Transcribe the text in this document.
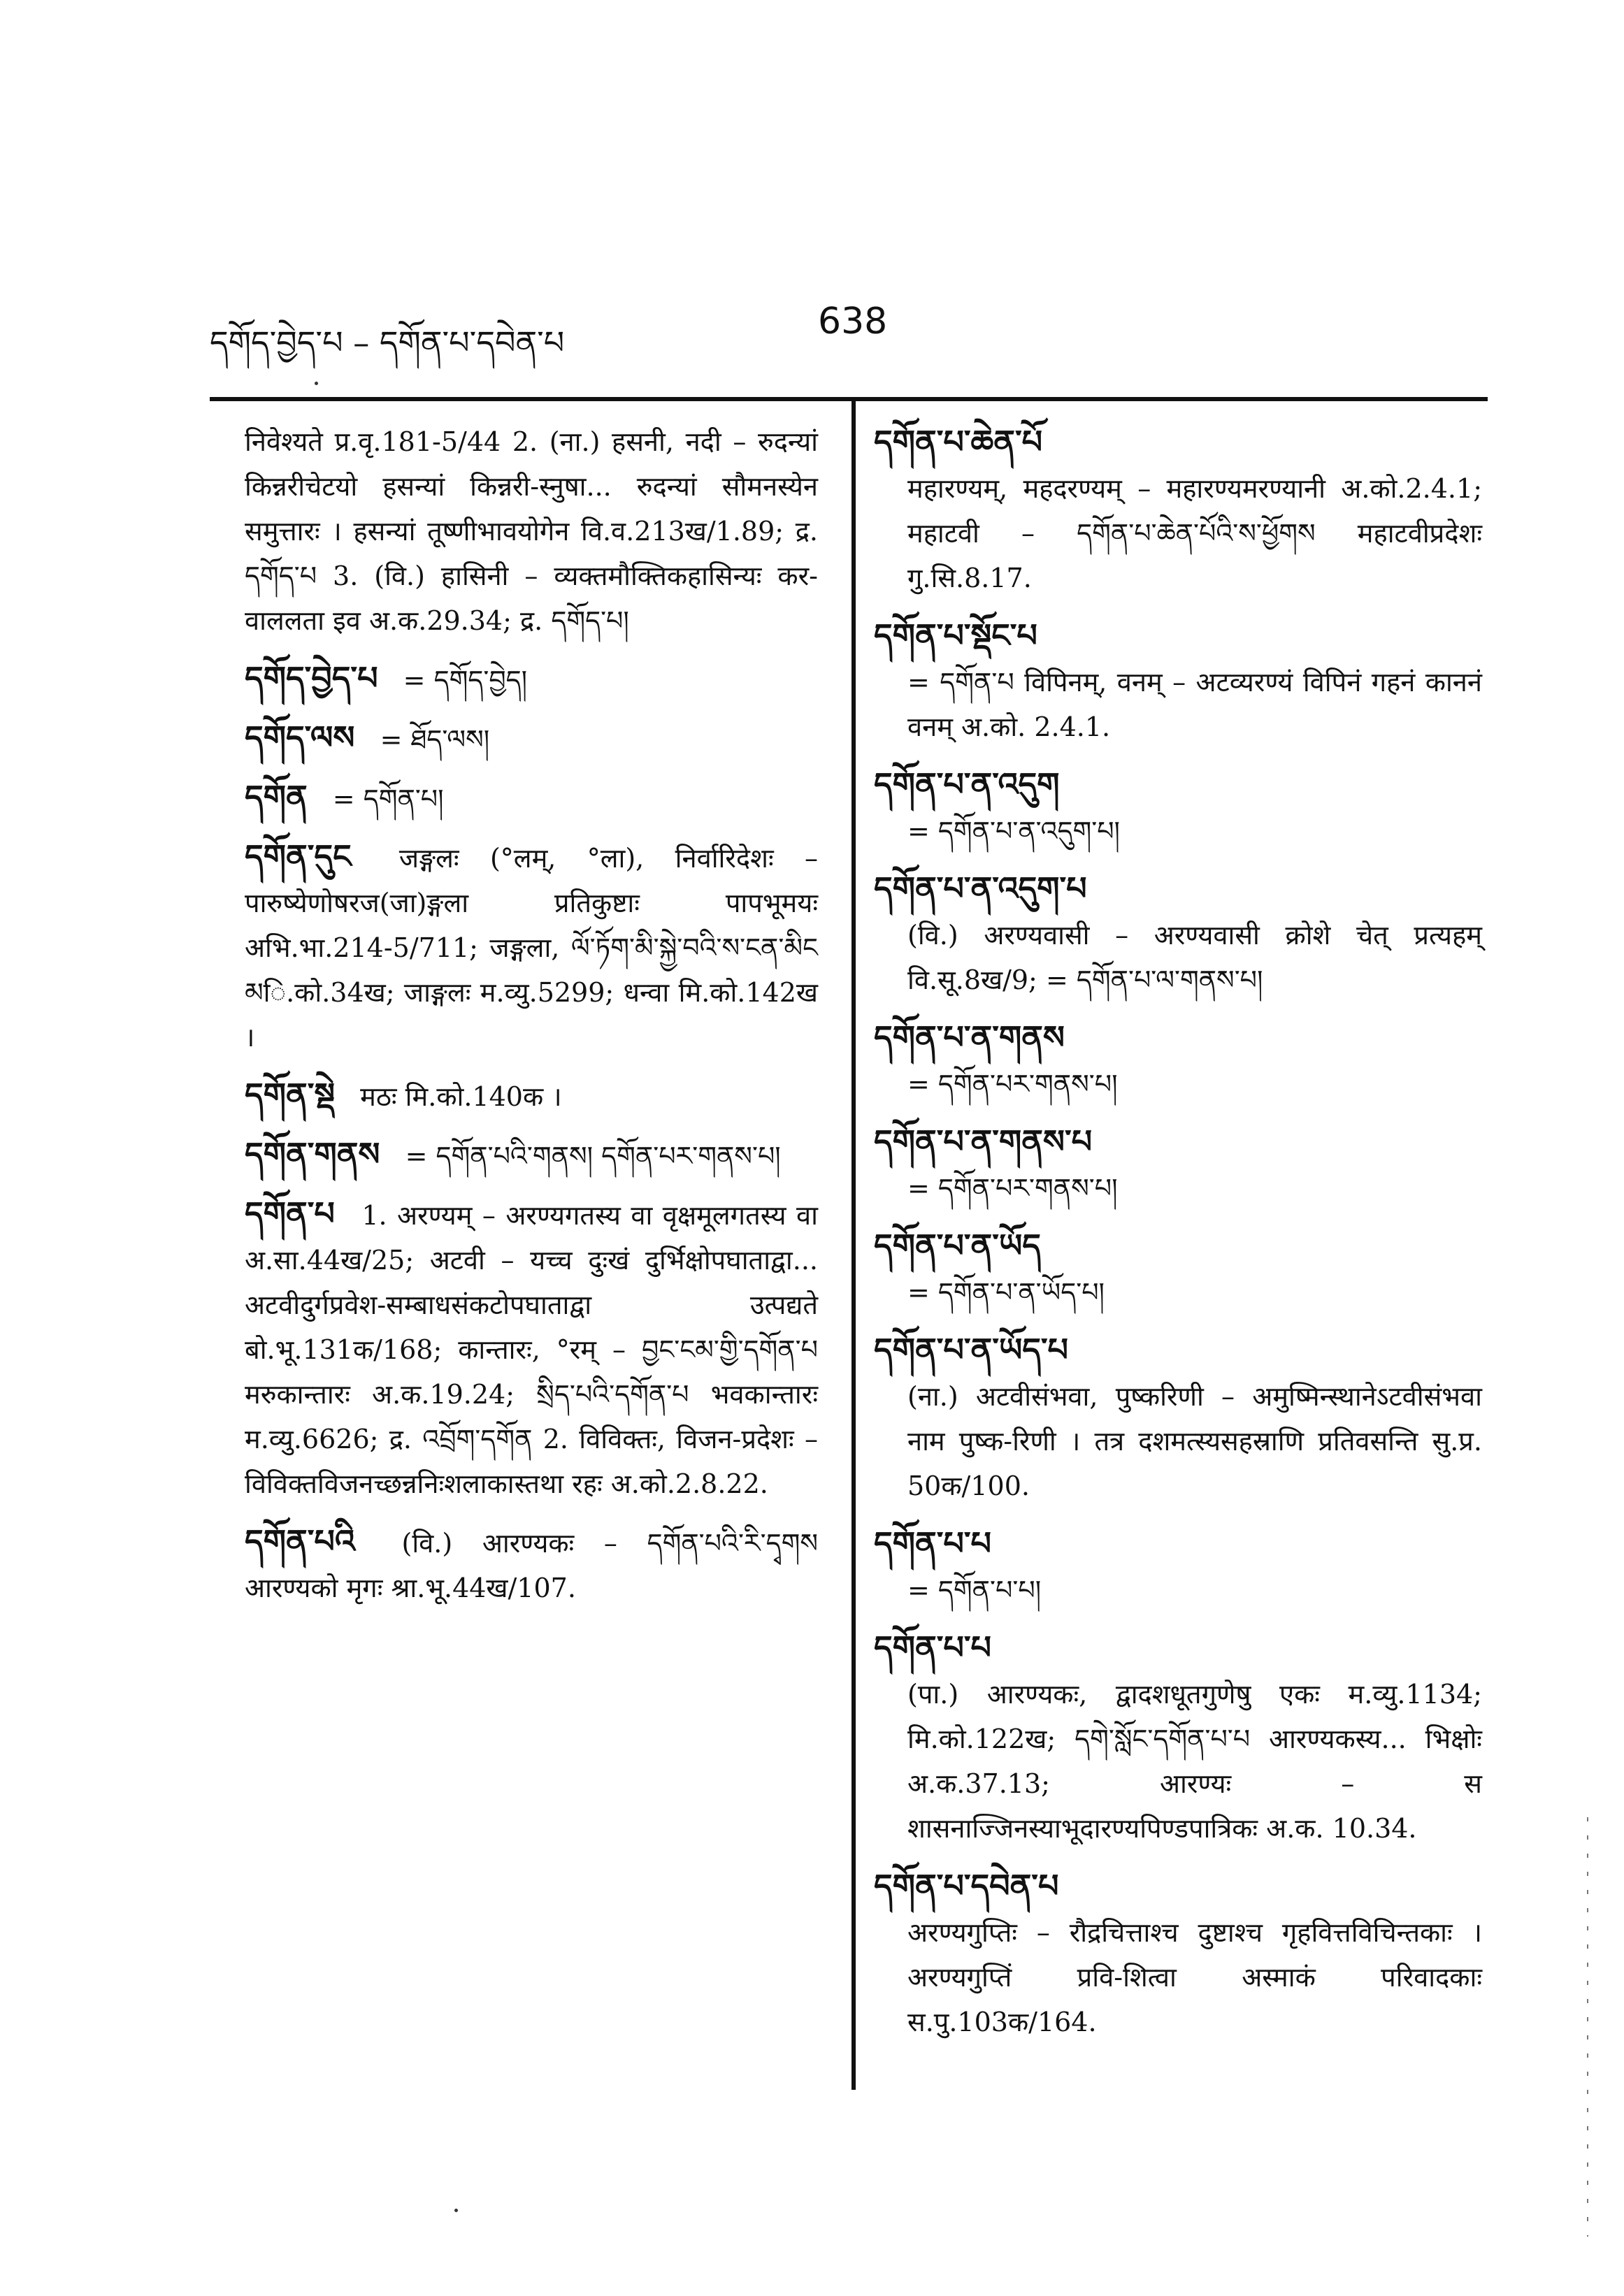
དགོད་བྱེད་པ – དགོན་པ་དབེན་པ	638
निवेश्यते प्र.वृ.181-5/44 2. (ना.) हसनी, नदी – रुदन्यां किन्नरीचेटयो हसन्यां किन्नरी-स्नुषा... रुदन्यां सौमनस्येन समुत्तारः । हसन्यां तूष्णीभावयोगेन वि.व.213ख/1.89; द्र. དགོད་པ 3. (वि.) हासिनी – व्यक्तमौक्तिकहासिन्यः कर-वाललता इव अ.क.29.34; द्र. དགོད་པ།
དགོད་བྱེད་པ = དགོད་བྱེད།
དགོད་ལས = ཐོད་ལས།
དགོན = དགོན་པ།
དགོན་དུང जङ्गलः (°लम्, °ला), निर्वारिदेशः – पारुष्येणोषरज(जा)ङ्गला प्रतिकुष्टाः पापभूमयः अभि.भा.214-5/711; जङ्गला, ལོ་ཏོག་མི་སྐྱེ་བའི་ས་ངན་མིང མि.को.34ख; जाङ्गलः म.व्यु.5299; धन्वा मि.को.142ख ।
དགོན་སྡེ मठः मि.को.140क ।
དགོན་གནས = དགོན་པའི་གནས། དགོན་པར་གནས་པ།
དགོན་པ 1. अरण्यम् – अरण्यगतस्य वा वृक्षमूलगतस्य वा अ.सा.44ख/25; अटवी – यच्च दुःखं दुर्भिक्षोपघाताद्वा... अटवीदुर्गप्रवेश-सम्बाधसंकटोपघाताद्वा उत्पद्यते बो.भू.131क/168; कान्तारः, °रम् – བྱང་ངམ་གྱི་དགོན་པ मरुकान्तारः अ.क.19.24; སྲིད་པའི་དགོན་པ भवकान्तारः म.व्यु.6626; द्र. འབྲོག་དགོན 2. विविक्तः, विजन-प्रदेशः – विविक्तविजनच्छन्ननिःशलाकास्तथा रहः अ.को.2.8.22.
དགོན་པའི (वि.) आरण्यकः – དགོན་པའི་རི་དྭགས आरण्यको मृगः श्रा.भू.44ख/107.
དགོན་པ་ཆེན་པོ
महारण्यम्, महदरण्यम् – महारण्यमरण्यानी अ.को.2.4.1; महाटवी – དགོན་པ་ཆེན་པོའི་ས་ཕྱོགས महाटवीप्रदेशः गु.सि.8.17.
དགོན་པ་སྡོང་པ
= དགོན་པ विपिनम्, वनम् – अटव्यरण्यं विपिनं गहनं काननं वनम् अ.को. 2.4.1.
དགོན་པ་ན་འདུག
= དགོན་པ་ན་འདུག་པ།
དགོན་པ་ན་འདུག་པ
(वि.) अरण्यवासी – अरण्यवासी क्रोशे चेत् प्रत्यहम् वि.सू.8ख/9; = དགོན་པ་ལ་གནས་པ།
དགོན་པ་ན་གནས
= དགོན་པར་གནས་པ།
དགོན་པ་ན་གནས་པ
= དགོན་པར་གནས་པ།
དགོན་པ་ན་ཡོད
= དགོན་པ་ན་ཡོད་པ།
དགོན་པ་ན་ཡོད་པ
(ना.) अटवीसंभवा, पुष्करिणी – अमुष्मिन्स्थानेऽटवीसंभवा नाम पुष्क-रिणी । तत्र दशमत्स्यसहस्राणि प्रतिवसन्ति सु.प्र. 50क/100.
དགོན་པ་པ
= དགོན་པ་པ།
དགོན་པ་པ
(पा.) आरण्यकः, द्वादशधूतगुणेषु एकः म.व्यु.1134; मि.को.122ख; དགེ་སློང་དགོན་པ་པ आरण्यकस्य... भिक्षोः अ.क.37.13; आरण्यः – स शासनाज्जिनस्याभूदारण्यपिण्डपात्रिकः अ.क. 10.34.
དགོན་པ་དབེན་པ
अरण्यगुप्तिः – रौद्रचित्ताश्च दुष्टाश्च गृहवित्तविचिन्तकाः । अरण्यगुप्तिं प्रवि-शित्वा अस्माकं परिवादकाः स.पु.103क/164.
